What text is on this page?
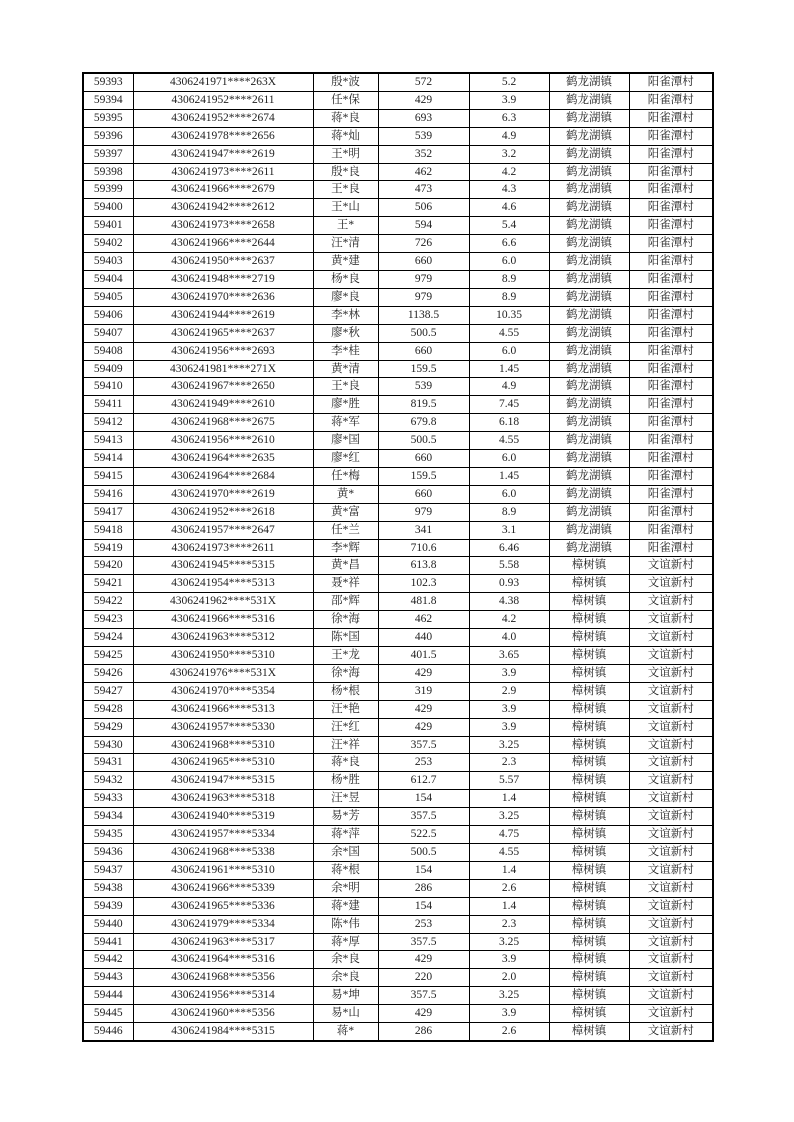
59393	4306241971****263X	殷*波	572	5.2	鹤龙湖镇	阳雀潭村
59394	4306241952****2611	任*保	429	3.9	鹤龙湖镇	阳雀潭村
59395	4306241952****2674	蒋*良	693	6.3	鹤龙湖镇	阳雀潭村
59396	4306241978****2656	蒋*灿	539	4.9	鹤龙湖镇	阳雀潭村
59397	4306241947****2619	王*明	352	3.2	鹤龙湖镇	阳雀潭村
59398	4306241973****2611	殷*良	462	4.2	鹤龙湖镇	阳雀潭村
59399	4306241966****2679	王*良	473	4.3	鹤龙湖镇	阳雀潭村
59400	4306241942****2612	王*山	506	4.6	鹤龙湖镇	阳雀潭村
59401	4306241973****2658	王*	594	5.4	鹤龙湖镇	阳雀潭村
59402	4306241966****2644	汪*清	726	6.6	鹤龙湖镇	阳雀潭村
59403	4306241950****2637	黄*建	660	6.0	鹤龙湖镇	阳雀潭村
59404	4306241948****2719	杨*良	979	8.9	鹤龙湖镇	阳雀潭村
59405	4306241970****2636	廖*良	979	8.9	鹤龙湖镇	阳雀潭村
59406	4306241944****2619	李*林	1138.5	10.35	鹤龙湖镇	阳雀潭村
59407	4306241965****2637	廖*秋	500.5	4.55	鹤龙湖镇	阳雀潭村
59408	4306241956****2693	李*桂	660	6.0	鹤龙湖镇	阳雀潭村
59409	4306241981****271X	黄*清	159.5	1.45	鹤龙湖镇	阳雀潭村
59410	4306241967****2650	王*良	539	4.9	鹤龙湖镇	阳雀潭村
59411	4306241949****2610	廖*胜	819.5	7.45	鹤龙湖镇	阳雀潭村
59412	4306241968****2675	蒋*军	679.8	6.18	鹤龙湖镇	阳雀潭村
59413	4306241956****2610	廖*国	500.5	4.55	鹤龙湖镇	阳雀潭村
59414	4306241964****2635	廖*红	660	6.0	鹤龙湖镇	阳雀潭村
59415	4306241964****2684	任*梅	159.5	1.45	鹤龙湖镇	阳雀潭村
59416	4306241970****2619	黄*	660	6.0	鹤龙湖镇	阳雀潭村
59417	4306241952****2618	黄*富	979	8.9	鹤龙湖镇	阳雀潭村
59418	4306241957****2647	任*兰	341	3.1	鹤龙湖镇	阳雀潭村
59419	4306241973****2611	李*辉	710.6	6.46	鹤龙湖镇	阳雀潭村
59420	4306241945****5315	黄*昌	613.8	5.58	樟树镇	文谊新村
59421	4306241954****5313	聂*祥	102.3	0.93	樟树镇	文谊新村
59422	4306241962****531X	邵*辉	481.8	4.38	樟树镇	文谊新村
59423	4306241966****5316	徐*海	462	4.2	樟树镇	文谊新村
59424	4306241963****5312	陈*国	440	4.0	樟树镇	文谊新村
59425	4306241950****5310	王*龙	401.5	3.65	樟树镇	文谊新村
59426	4306241976****531X	徐*海	429	3.9	樟树镇	文谊新村
59427	4306241970****5354	杨*根	319	2.9	樟树镇	文谊新村
59428	4306241966****5313	汪*艳	429	3.9	樟树镇	文谊新村
59429	4306241957****5330	汪*红	429	3.9	樟树镇	文谊新村
59430	4306241968****5310	汪*祥	357.5	3.25	樟树镇	文谊新村
59431	4306241965****5310	蒋*良	253	2.3	樟树镇	文谊新村
59432	4306241947****5315	杨*胜	612.7	5.57	樟树镇	文谊新村
59433	4306241963****5318	汪*昱	154	1.4	樟树镇	文谊新村
59434	4306241940****5319	易*芳	357.5	3.25	樟树镇	文谊新村
59435	4306241957****5334	蒋*萍	522.5	4.75	樟树镇	文谊新村
59436	4306241968****5338	余*国	500.5	4.55	樟树镇	文谊新村
59437	4306241961****5310	蒋*根	154	1.4	樟树镇	文谊新村
59438	4306241966****5339	余*明	286	2.6	樟树镇	文谊新村
59439	4306241965****5336	蒋*建	154	1.4	樟树镇	文谊新村
59440	4306241979****5334	陈*伟	253	2.3	樟树镇	文谊新村
59441	4306241963****5317	蒋*厚	357.5	3.25	樟树镇	文谊新村
59442	4306241964****5316	余*良	429	3.9	樟树镇	文谊新村
59443	4306241968****5356	余*良	220	2.0	樟树镇	文谊新村
59444	4306241956****5314	易*坤	357.5	3.25	樟树镇	文谊新村
59445	4306241960****5356	易*山	429	3.9	樟树镇	文谊新村
59446	4306241984****5315	蒋*	286	2.6	樟树镇	文谊新村
